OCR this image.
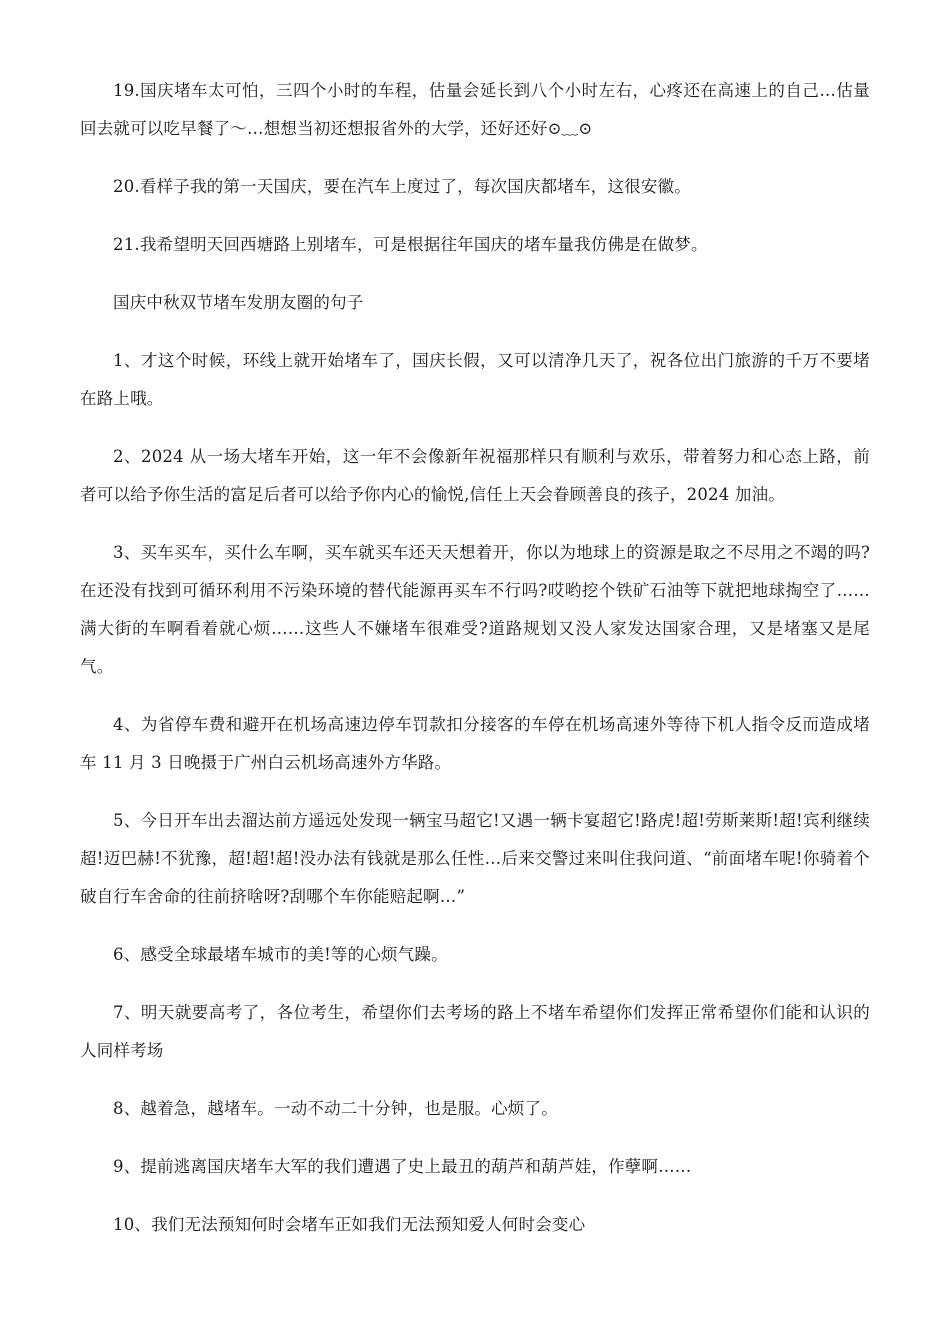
19.国庆堵车太可怕，三四个小时的车程，估量会延长到八个小时左右，心疼还在高速上的自己…估量回去就可以吃早餐了～…想想当初还想报省外的大学，还好还好⊙﹏⊙

20.看样子我的第一天国庆，要在汽车上度过了，每次国庆都堵车，这很安徽。

21.我希望明天回西塘路上别堵车，可是根据往年国庆的堵车量我仿佛是在做梦。

国庆中秋双节堵车发朋友圈的句子

1、才这个时候，环线上就开始堵车了，国庆长假，又可以清净几天了，祝各位出门旅游的千万不要堵在路上哦。

2、2024 从一场大堵车开始，这一年不会像新年祝福那样只有顺利与欢乐，带着努力和心态上路，前者可以给予你生活的富足后者可以给予你内心的愉悦,信任上天会眷顾善良的孩子，2024 加油。

3、买车买车，买什么车啊，买车就买车还天天想着开，你以为地球上的资源是取之不尽用之不竭的吗?在还没有找到可循环利用不污染环境的替代能源再买车不行吗?哎哟挖个铁矿石油等下就把地球掏空了……满大街的车啊看着就心烦……这些人不嫌堵车很难受?道路规划又没人家发达国家合理，又是堵塞又是尾气。

4、为省停车费和避开在机场高速边停车罚款扣分接客的车停在机场高速外等待下机人指令反而造成堵车 11 月 3 日晚摄于广州白云机场高速外方华路。

5、今日开车出去溜达前方遥远处发现一辆宝马超它!又遇一辆卡宴超它!路虎!超!劳斯莱斯!超!宾利继续超!迈巴赫!不犹豫，超!超!超!没办法有钱就是那么任性…后来交警过来叫住我问道、“前面堵车呢!你骑着个破自行车舍命的往前挤啥呀?刮哪个车你能赔起啊…”

6、感受全球最堵车城市的美!等的心烦气躁。

7、明天就要高考了，各位考生，希望你们去考场的路上不堵车希望你们发挥正常希望你们能和认识的人同样考场

8、越着急，越堵车。一动不动二十分钟，也是服。心烦了。

9、提前逃离国庆堵车大军的我们遭遇了史上最丑的葫芦和葫芦娃，作孽啊……

10、我们无法预知何时会堵车正如我们无法预知爱人何时会变心
